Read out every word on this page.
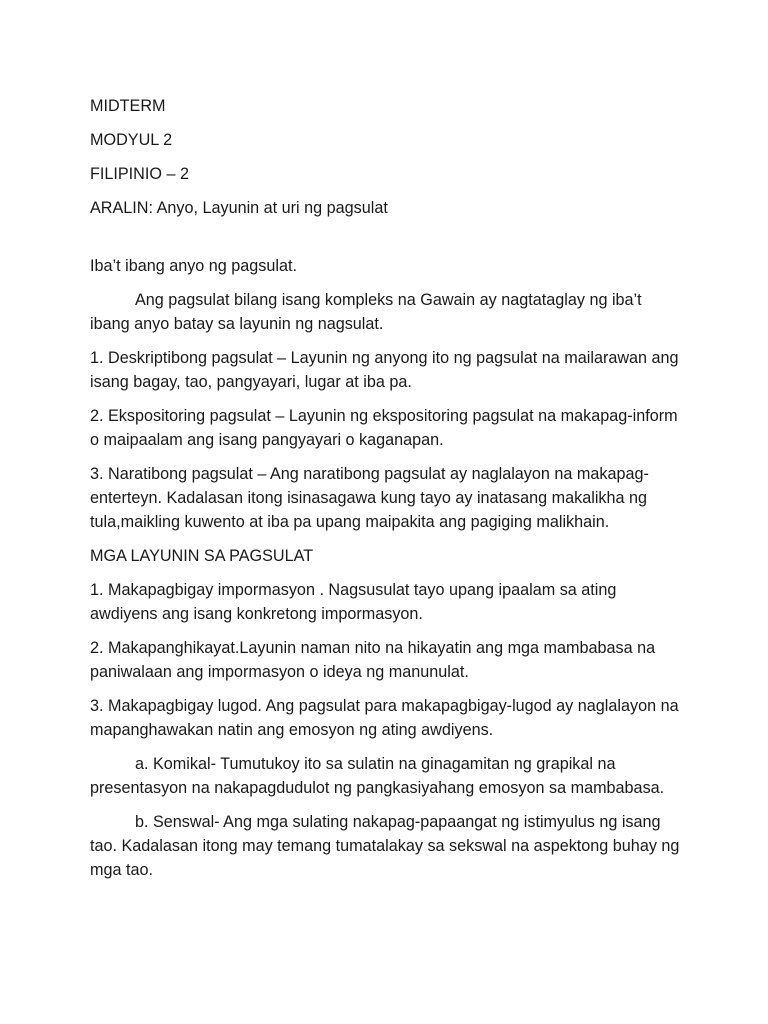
MIDTERM

MODYUL 2

FILIPINIO – 2

ARALIN: Anyo, Layunin at uri ng pagsulat

Iba’t ibang anyo ng pagsulat.

Ang pagsulat bilang isang kompleks na Gawain ay nagtataglay ng iba’t ibang anyo batay sa layunin ng nagsulat.

1. Deskriptibong pagsulat – Layunin ng anyong ito ng pagsulat na mailarawan ang isang bagay, tao, pangyayari, lugar at iba pa.

2. Ekspositoring pagsulat – Layunin ng ekspositoring pagsulat na makapag-inform o maipaalam ang isang pangyayari o kaganapan.

3. Naratibong pagsulat – Ang naratibong pagsulat ay naglalayon na makapag-enterteyn. Kadalasan itong isinasagawa kung tayo ay inatasang makalikha ng tula,maikling kuwento at iba pa upang maipakita ang pagiging malikhain.

MGA LAYUNIN SA PAGSULAT

1. Makapagbigay impormasyon . Nagsusulat tayo upang ipaalam sa ating awdiyens ang isang konkretong impormasyon.

2. Makapanghikayat.Layunin naman nito na hikayatin ang mga mambabasa na paniwalaan ang impormasyon o ideya ng manunulat.

3. Makapagbigay lugod. Ang pagsulat para makapagbigay-lugod ay naglalayon na mapanghawakan natin ang emosyon ng ating awdiyens.

a. Komikal- Tumutukoy ito sa sulatin na ginagamitan ng grapikal na presentasyon na nakapagdudulot ng pangkasiyahang emosyon sa mambabasa.

b. Senswal- Ang mga sulating nakapag-papaangat ng istimyulus ng isang tao. Kadalasan itong may temang tumatalakay sa sekswal na aspektong buhay ng mga tao.
